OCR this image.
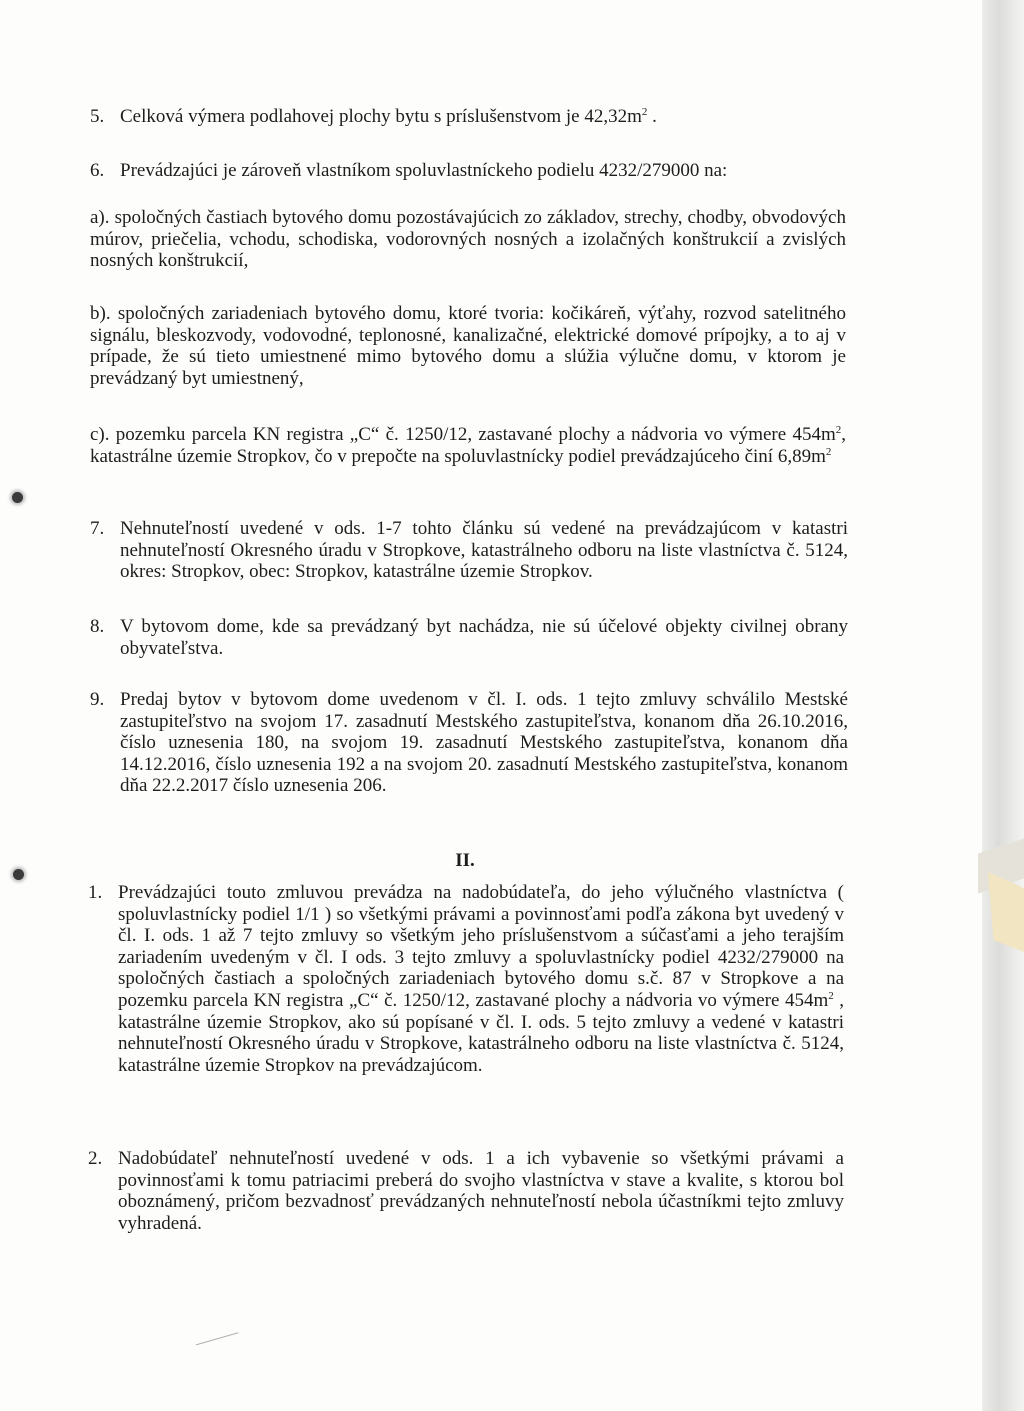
5. Celková výmera podlahovej plochy bytu s príslušenstvom je $42,32m^2$ .

6. Prevádzajúci je zároveň vlastníkom spoluvlastníckeho podielu 4232/279000 na:

a). spoločných častiach bytového domu pozostávajúcich zo základov, strechy, chodby, obvodových múrov, priečelia, vchodu, schodiska, vodorovných nosných a izolačných konštrukcií a zvislých nosných konštrukcií,

b). spoločných zariadeniach bytového domu, ktoré tvoria: kočikáreň, výťahy, rozvod satelitného signálu, bleskozvody, vodovodné, teplonosné, kanalizačné, elektrické domové prípojky, a to aj v prípade, že sú tieto umiestnené mimo bytového domu a slúžia výlučne domu, v ktorom je prevádzaný byt umiestnený,

c). pozemku parcela KN registra „C“ č. 1250/12, zastavané plochy a nádvoria vo výmere $454m^2$, katastrálne územie Stropkov, čo v prepočte na spoluvlastnícky podiel prevádzajúceho činí $6,89m^2$

7. Nehnuteľností uvedené v ods. 1-7 tohto článku sú vedené na prevádzajúcom v katastri nehnuteľností Okresného úradu v Stropkove, katastrálneho odboru na liste vlastníctva č. 5124, okres: Stropkov, obec: Stropkov, katastrálne územie Stropkov.

8. V bytovom dome, kde sa prevádzaný byt nachádza, nie sú účelové objekty civilnej obrany obyvateľstva.

9. Predaj bytov v bytovom dome uvedenom v čl. I. ods. 1 tejto zmluvy schválilo Mestské zastupiteľstvo na svojom 17. zasadnutí Mestského zastupiteľstva, konanom dňa 26.10.2016, číslo uznesenia 180, na svojom 19. zasadnutí Mestského zastupiteľstva, konanom dňa 14.12.2016, číslo uznesenia 192 a na svojom 20. zasadnutí Mestského zastupiteľstva, konanom dňa 22.2.2017 číslo uznesenia 206.

II.
1. Prevádzajúci touto zmluvou prevádza na nadobúdateľa, do jeho výlučného vlastníctva ( spoluvlastnícky podiel 1/1 ) so všetkými právami a povinnosťami podľa zákona byt uvedený v čl. I. ods. 1 až 7 tejto zmluvy so všetkým jeho príslušenstvom a súčasťami a jeho terajším zariadením uvedeným v čl. I ods. 3 tejto zmluvy a spoluvlastnícky podiel 4232/279000 na spoločných častiach a spoločných zariadeniach bytového domu s.č. 87 v Stropkove a na pozemku parcela KN registra „C“ č. 1250/12, zastavané plochy a nádvoria vo výmere $454m^2$ , katastrálne územie Stropkov, ako sú popísané v čl. I. ods. 5 tejto zmluvy a vedené v katastri nehnuteľností Okresného úradu v Stropkove, katastrálneho odboru na liste vlastníctva č. 5124, katastrálne územie Stropkov na prevádzajúcom.

2. Nadobúdateľ nehnuteľností uvedené v ods. 1 a ich vybavenie so všetkými právami a povinnosťami k tomu patriacimi preberá do svojho vlastníctva v stave a kvalite, s ktorou bol oboznámený, pričom bezvadnosť prevádzaných nehnuteľností nebola účastníkmi tejto zmluvy vyhradená.
